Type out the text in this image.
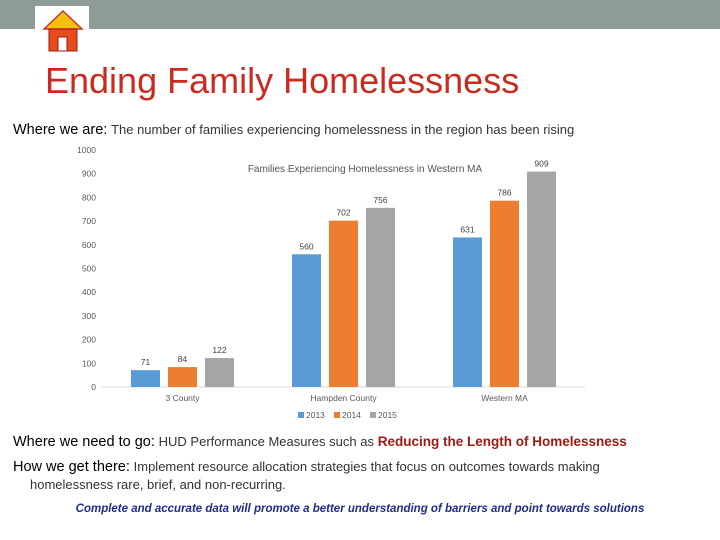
Ending Family Homelessness
Where we are: The number of families experiencing homelessness in the region has been rising
Families Experiencing Homelessness in Western MA
0
100
200
300
400
500
600
700
800
900
1000
71	84
122
3 County
560
702
756
Hampden County
631
786
909
Western MA
2013 2014 2015
Where we need to go: HUD Performance Measures such as Reducing the Length of Homelessness
How we get there: Implement resource allocation strategies that focus on outcomes towards making
homelessness rare, brief, and non-recurring.
Complete and accurate data will promote a better understanding of barriers and point towards solutions
